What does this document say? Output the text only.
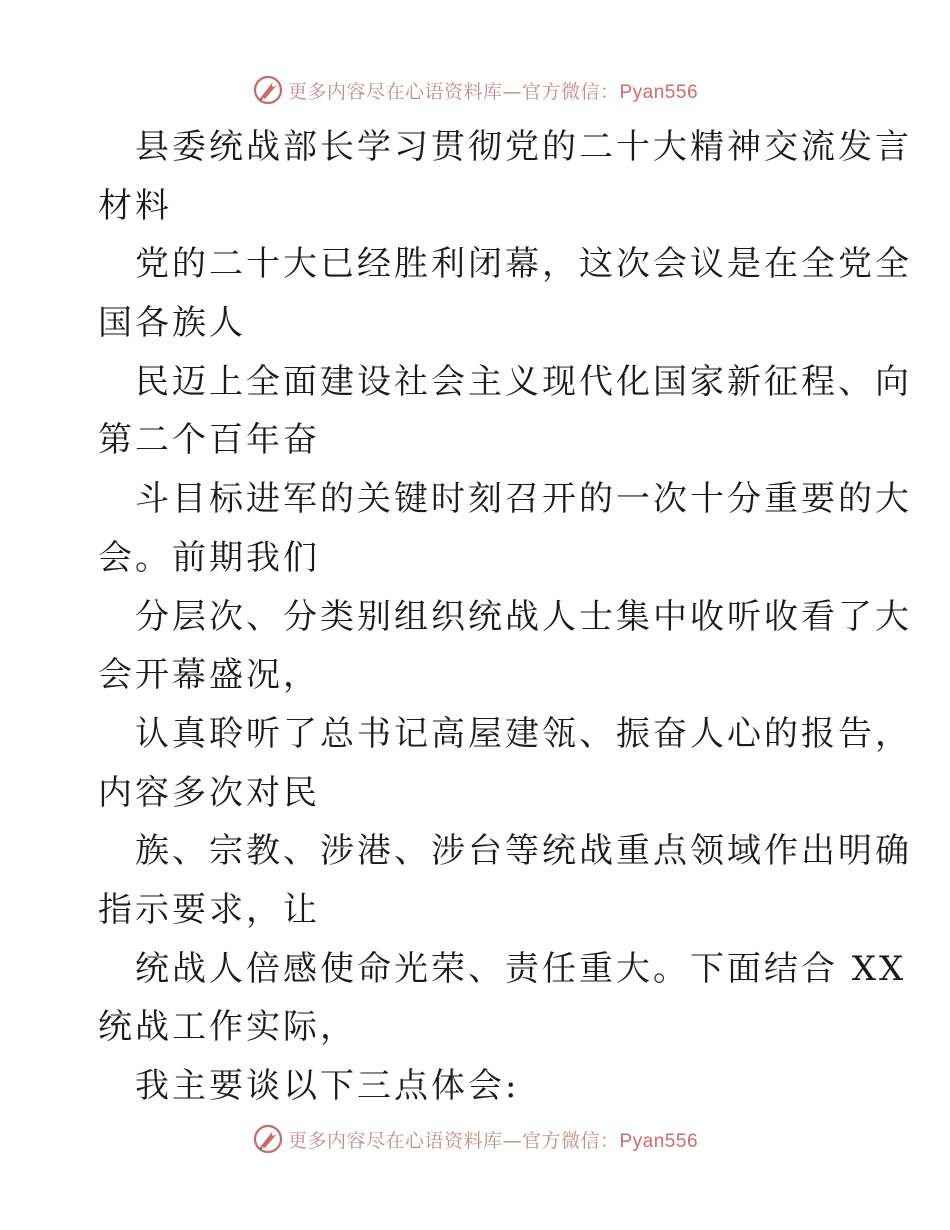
更多内容尽在心语资料库—官方微信：Pyan556
县委统战部长学习贯彻党的二十大精神交流发言
材料
党的二十大已经胜利闭幕，这次会议是在全党全
国各族人
民迈上全面建设社会主义现代化国家新征程、向
第二个百年奋
斗目标进军的关键时刻召开的一次十分重要的大
会。前期我们
分层次、分类别组织统战人士集中收听收看了大
会开幕盛况，
认真聆听了总书记高屋建瓴、振奋人心的报告，
内容多次对民
族、宗教、涉港、涉台等统战重点领域作出明确
指示要求，让
统战人倍感使命光荣、责任重大。下面结合 XX
统战工作实际，
我主要谈以下三点体会:
更多内容尽在心语资料库—官方微信：Pyan556
